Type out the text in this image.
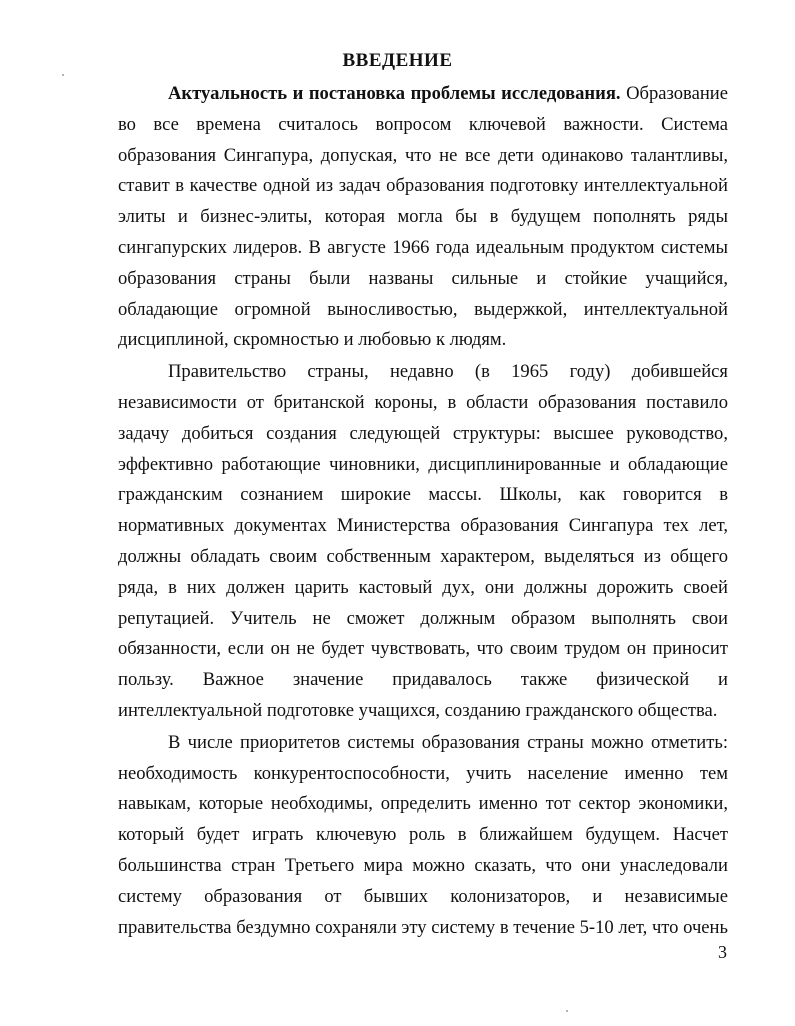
ВВЕДЕНИЕ

Актуальность и постановка проблемы исследования. Образование во все времена считалось вопросом ключевой важности. Система образования Сингапура, допуская, что не все дети одинаково талантливы, ставит в качестве одной из задач образования подготовку интеллектуальной элиты и бизнес-элиты, которая могла бы в будущем пополнять ряды сингапурских лидеров. В августе 1966 года идеальным продуктом системы образования страны были названы сильные и стойкие учащийся, обладающие огромной выносливостью, выдержкой, интеллектуальной дисциплиной, скромностью и любовью к людям.

Правительство страны, недавно (в 1965 году) добившейся независимости от британской короны, в области образования поставило задачу добиться создания следующей структуры: высшее руководство, эффективно работающие чиновники, дисциплинированные и обладающие гражданским сознанием широкие массы. Школы, как говорится в нормативных документах Министерства образования Сингапура тех лет, должны обладать своим собственным характером, выделяться из общего ряда, в них должен царить кастовый дух, они должны дорожить своей репутацией. Учитель не сможет должным образом выполнять свои обязанности, если он не будет чувствовать, что своим трудом он приносит пользу. Важное значение придавалось также физической и интеллектуальной подготовке учащихся, созданию гражданского общества.

В числе приоритетов системы образования страны можно отметить: необходимость конкурентоспособности, учить население именно тем навыкам, которые необходимы, определить именно тот сектор экономики, который будет играть ключевую роль в ближайшем будущем. Насчет большинства стран Третьего мира можно сказать, что они унаследовали систему образования от бывших колонизаторов, и независимые правительства бездумно сохраняли эту систему в течение 5-10 лет, что очень

3
